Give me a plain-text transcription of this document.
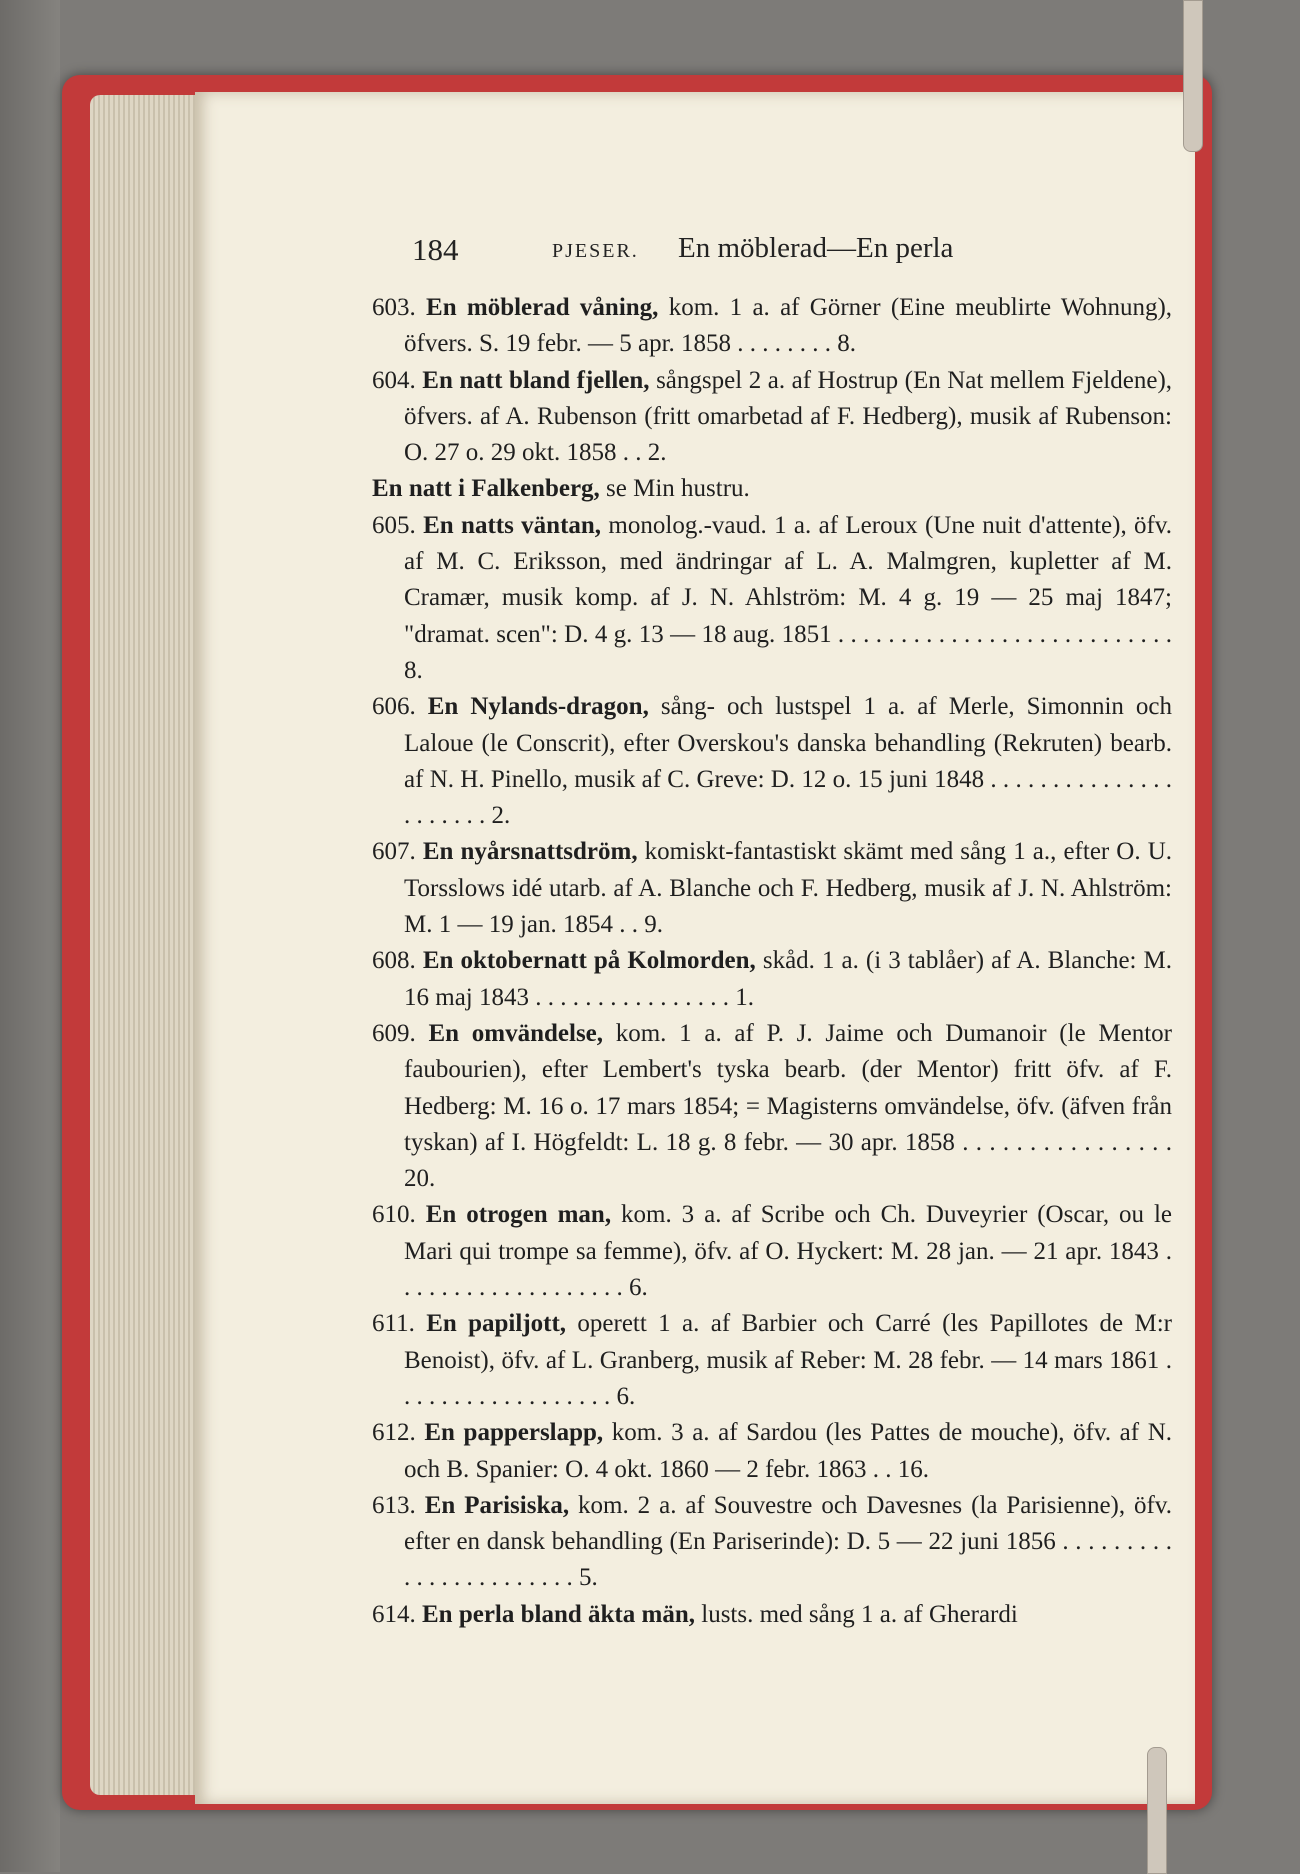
184	PJESER. En möblerad—En perla
603. En möblerad våning, kom. 1 a. af Görner (Eine meublirte Wohnung), öfvers. S. 19 febr. — 5 apr. 1858 . . . . . . . . 8.
604. En natt bland fjellen, sångspel 2 a. af Hostrup (En Nat mellem Fjeldene), öfvers. af A. Rubenson (fritt omarbetad af F. Hedberg), musik af Rubenson: O. 27 o. 29 okt. 1858 . . 2.
En natt i Falkenberg, se Min hustru.
605. En natts väntan, monolog.-vaud. 1 a. af Leroux (Une nuit d'attente), öfv. af M. C. Eriksson, med ändringar af L. A. Malmgren, kupletter af M. Cramær, musik komp. af J. N. Ahlström: M. 4 g. 19 — 25 maj 1847; "dramat. scen": D. 4 g. 13 — 18 aug. 1851 . . . . . . . . . . . . . . . . . . . . . . . . . . . 8.
606. En Nylands-dragon, sång- och lustspel 1 a. af Merle, Simonnin och Laloue (le Conscrit), efter Overskou's danska behandling (Rekruten) bearb. af N. H. Pinello, musik af C. Greve: D. 12 o. 15 juni 1848 . . . . . . . . . . . . . . . . . . . . . . 2.
607. En nyårsnattsdröm, komiskt-fantastiskt skämt med sång 1 a., efter O. U. Torsslows idé utarb. af A. Blanche och F. Hedberg, musik af J. N. Ahlström: M. 1 — 19 jan. 1854 . . 9.
608. En oktobernatt på Kolmorden, skåd. 1 a. (i 3 tablåer) af A. Blanche: M. 16 maj 1843 . . . . . . . . . . . . . . . . 1.
609. En omvändelse, kom. 1 a. af P. J. Jaime och Dumanoir (le Mentor faubourien), efter Lembert's tyska bearb. (der Mentor) fritt öfv. af F. Hedberg: M. 16 o. 17 mars 1854; = Magisterns omvändelse, öfv. (äfven från tyskan) af I. Högfeldt: L. 18 g. 8 febr. — 30 apr. 1858 . . . . . . . . . . . . . . . . 20.
610. En otrogen man, kom. 3 a. af Scribe och Ch. Duveyrier (Oscar, ou le Mari qui trompe sa femme), öfv. af O. Hyckert: M. 28 jan. — 21 apr. 1843 . . . . . . . . . . . . . . . . . . . 6.
611. En papiljott, operett 1 a. af Barbier och Carré (les Papillotes de M:r Benoist), öfv. af L. Granberg, musik af Reber: M. 28 febr. — 14 mars 1861 . . . . . . . . . . . . . . . . . . 6.
612. En papperslapp, kom. 3 a. af Sardou (les Pattes de mouche), öfv. af N. och B. Spanier: O. 4 okt. 1860 — 2 febr. 1863 . . 16.
613. En Parisiska, kom. 2 a. af Souvestre och Davesnes (la Parisienne), öfv. efter en dansk behandling (En Pariserinde): D. 5 — 22 juni 1856 . . . . . . . . . . . . . . . . . . . . . . . 5.
614. En perla bland äkta män, lusts. med sång 1 a. af Gherardi
